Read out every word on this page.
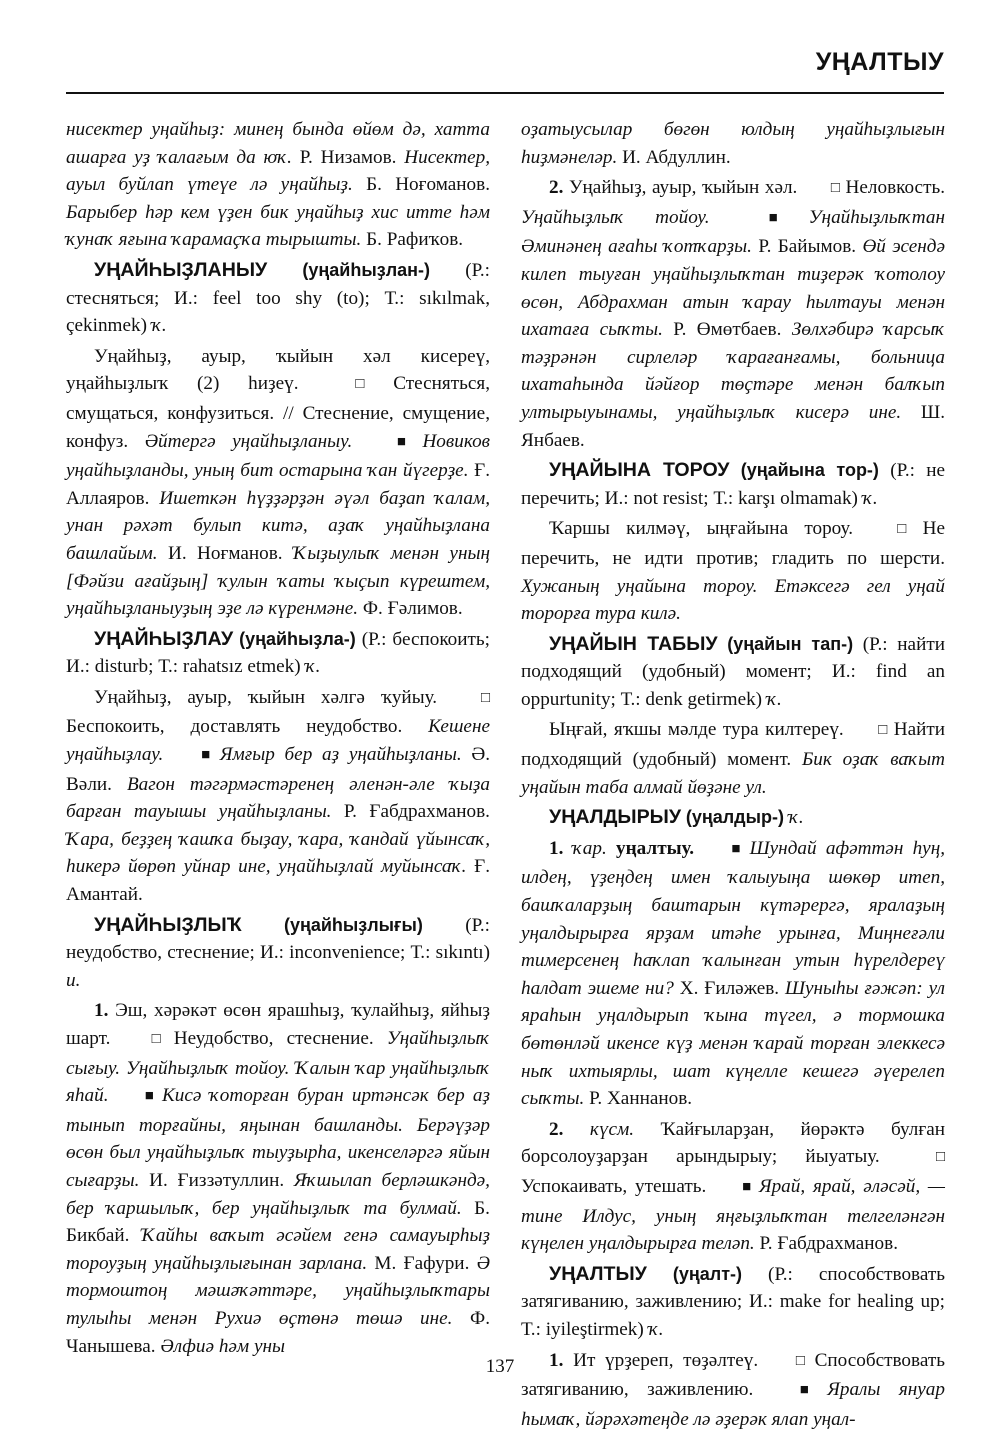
УҢАЛТЫУ

нисектер уңайһыҙ: минең бында өйөм дә, хатта ашарға уҙ ҡалағым да юҡ. Р. Низамов. Нисектер, ауыл буйлап үтеүе лә уңайһыҙ. Б. Ноғоманов. Барыбер һәр кем үҙен бик уңайһыҙ хис итте һәм ҡунаҡ яғына ҡарамаҫҡа тырышты. Б. Рафиҡов.

УҢАЙҺЫҘЛАНЫУ (уңайһыҙлан-) (Р.: стесняться; И.: feel too shy (to); Т.: sıkılmak, çekinmek) ҡ.

Уңайһыҙ, ауыр, ҡыйын хәл кисереү, уңайһыҙлыҡ (2) һиҙеү. □ Стесняться, смущаться, конфузиться. // Стеснение, смущение, конфуз. Әйтергә уңайһыҙланыу.	■ Новиков уңайһыҙланды, уның бит остарына ҡан йүгерҙе. Ғ. Аллаяров. Ишеткән һүҙҙәрҙән әүәл баҙап ҡалам, унан рәхәт булып китә, аҙаҡ уңайһыҙлана башлайым. И. Ноғманов. Ҡыҙыулыҡ менән уның [Фәйзи ағайҙың] ҡулын ҡаты ҡыҫып күрештем, уңайһыҙланыуҙың эҙе лә күренмәне. Ф. Ғәлимов.

УҢАЙҺЫҘЛАУ (уңайһыҙла-) (Р.: беспокоить; И.: disturb; Т.: rahatsız etmek) ҡ.

Уңайһыҙ, ауыр, ҡыйын хәлгә ҡуйыу. □ Беспокоить, доставлять неудобство. Кешене уңайһыҙлау.	■ Ямғыр бер аҙ уңайһыҙланы. Ә. Вәли. Вагон тәгәрмәстәренең әленән-әле ҡыҙа барған тауышы уңайһыҙланы. Р. Ғабдрахманов. Ҡара, беҙҙең ҡашҡа быҙау, ҡара, ҡандай үйынсаҡ, һикерә йөрөп уйнар ине, уңайһыҙлай муйынсаҡ. Ғ. Амантай.

УҢАЙҺЫҘЛЫҠ (уңайһыҙлығы) (Р.: неудобство, стеснение; И.: inconvenience; Т.: sıkıntı) и.

1. Эш, хәрәкәт өсөн ярашһыҙ, ҡулайһыҙ, яйһыҙ шарт. □ Неудобство, стеснение. Уңайһыҙлыҡ сығыу. Уңайһыҙлыҡ тойоу. Ҡалын ҡар уңайһыҙлыҡ яһай. ■ Кисә ҡоторған буран иртәнсәк бер аҙ тынып торғайны, яңынан башланды. Берәүҙәр өсөн был уңайһыҙлыҡ тыуҙырһа, икенселәргә яйын сығарҙы. И. Ғиззәтуллин. Яҡшылап берләшкәндә, бер ҡаршылыҡ, бер уңайһыҙлыҡ та булмай. Б. Бикбай. Ҡайһы ваҡыт әсәйем генә самауырһыҙ тороуҙың уңайһыҙлығынан зарлана. М. Ғафури. Ә тормоштоң мәшәҡәттәре, уңайһыҙлыҡтары тулыһы менән Рухиә өҫтөнә төшә ине. Ф. Чанышева. Әлфиә һәм уны

оҙатыусылар бөгөн юлдың уңайһыҙлығын һиҙмәнеләр. И. Абдуллин.

2. Уңайһыҙ, ауыр, ҡыйын хәл. □ Неловкость. Уңайһыҙлыҡ тойоу.	■ Уңайһыҙлыҡтан Әминәнең ағаһы ҡотҡарҙы. Р. Байымов. Өй эсендә килеп тыуған уңайһыҙлыҡтан тиҙерәк ҡотолоу өсөн, Абдрахман атын ҡарау һылтауы менән ихатаға сыҡты. Р. Өмөтбаев. Зөлхәбирә ҡарсыҡ тәҙрәнән сирлеләр ҡарағанғамы, больница ихатаһында йәйғор төҫтәре менән балҡып ултырыуынамы, уңайһыҙлыҡ кисерә ине. Ш. Янбаев.

УҢАЙЫНА ТОРОУ (уңайына тор-) (Р.: не перечить; И.: not resist; Т.: karşı olmamak) ҡ.

Ҡаршы килмәү, ыңғайына тороу. □ Не перечить, не идти против; гладить по шерсти. Хужаның уңайына тороу. Етәксегә гел уңай торорға тура килә.

УҢАЙЫН ТАБЫУ (уңайын тап-) (Р.: найти подходящий (удобный) момент; И.: find an oppurtunity; Т.: denk getirmek) ҡ.

Ыңғай, яҡшы мәлде тура килтереү. □ Найти подходящий (удобный) момент. Бик оҙаҡ ваҡыт уңайын таба алмай йөҙәне ул.

УҢАЛДЫРЫУ (уңалдыр-) ҡ.

1. ҡар. уңалтыу. ■ Шундай афәттән һуң, илдең, үҙеңдең имен ҡалыуыңа шөкөр итеп, башҡаларҙың баштарын күтәрергә, яралаҙың уңалдырырға ярҙам итәһе урынға, Миңнеғәли тимерсенең һаҡлап ҡалынған утын һүрелдереү һалдат эшеме ни? Х. Ғиләжев. Шуныһы ғәжәп: ул яраһын уңалдырып ҡына түгел, ә тормошка бөтөнләй икенсе күҙ менән ҡарай торған элеккесә ныҡ ихтыярлы, шат күңелле кешегә әүерелеп сыҡты. Р. Ханнанов.

2. күсм. Ҡайғыларҙан, йөрәктә булған борсолоуҙарҙан арындырыу; йыуатыу. □ Успокаивать, утешать. ■ Ярай, ярай, әләсәй, — тине Илдус, уның яңғыҙлыҡтан телгеләнгән күңелен уңалдырырға теләп. Р. Ғабдрахманов.

УҢАЛТЫУ (уңалт-) (Р.: способствовать затягиванию, заживлению; И.: make for healing up; Т.: iyileştirmek) ҡ.

1. Ит үрҙереп, төҙәлтеү. □ Способствовать затягиванию, заживлению. ■ Яралы януар һымаҡ, йәрәхәтеңде лә әҙерәк ялап уңал-

137
